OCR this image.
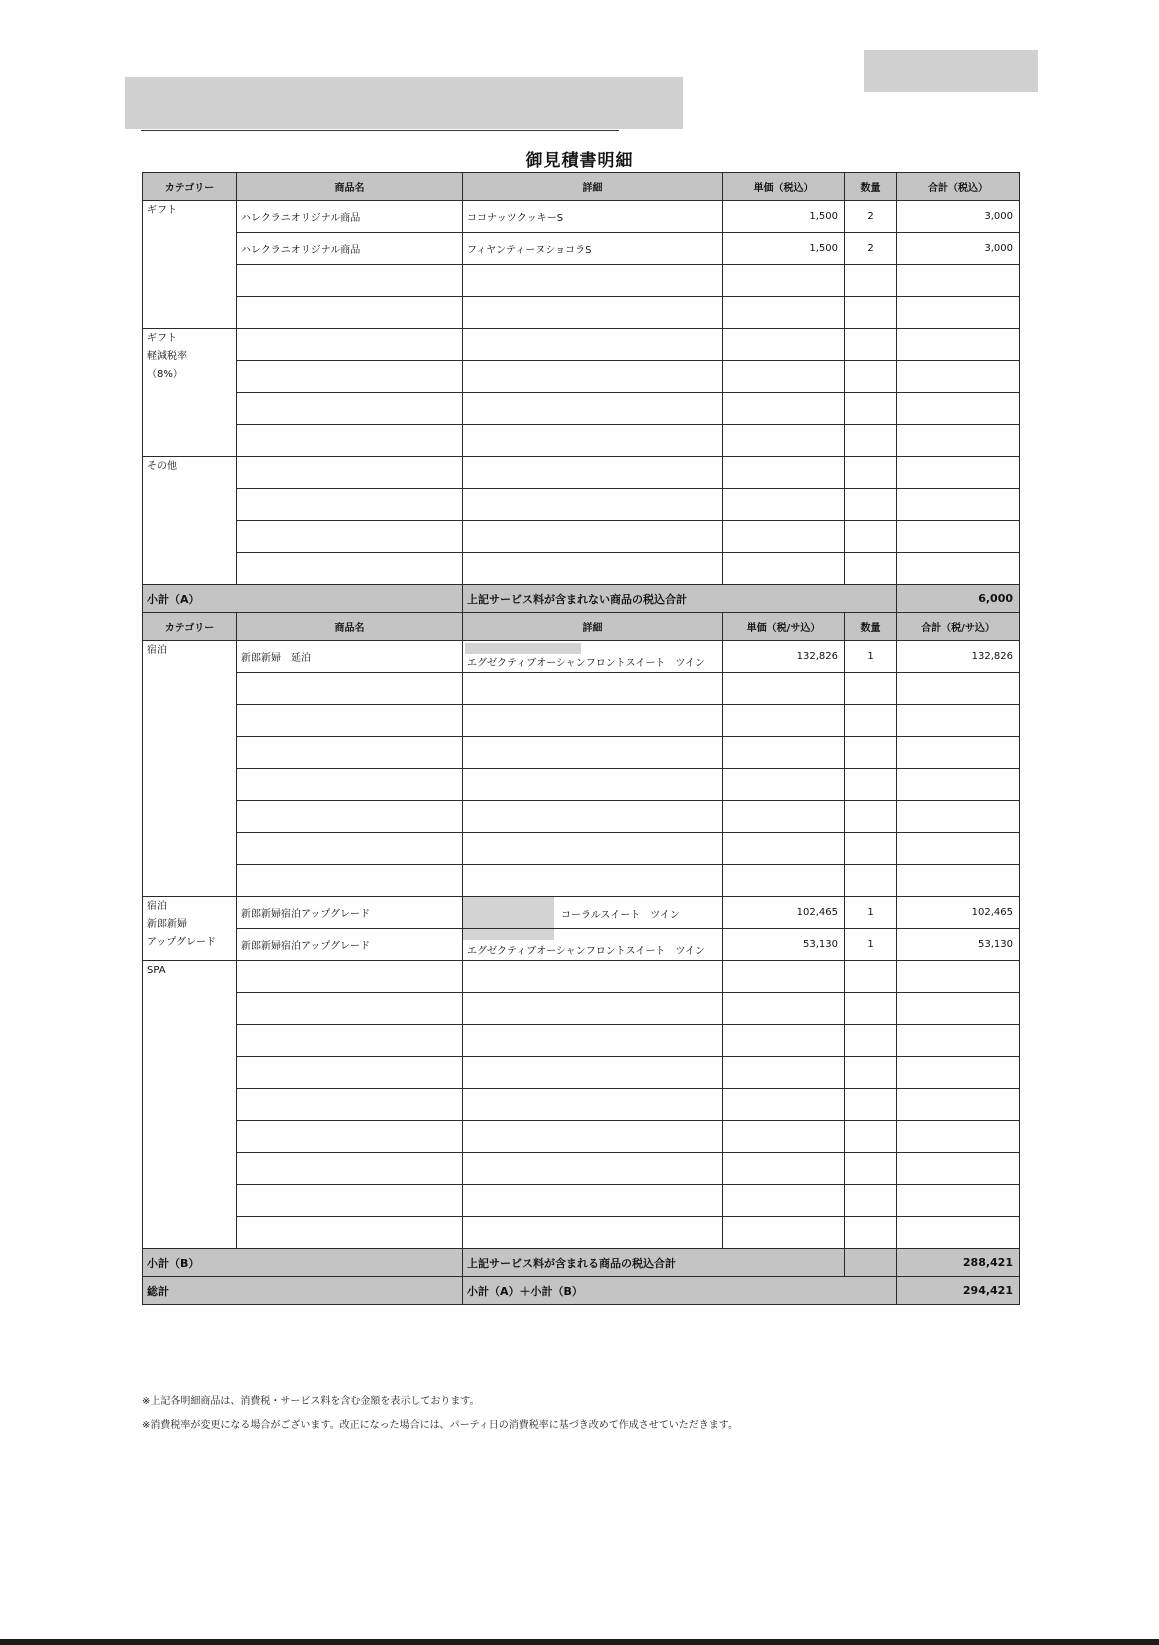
御見積書明細
カテゴリー	商品名	詳細	単価（税込）	数量	合計（税込）
ギフト	ハレクラニオリジナル商品	ココナッツクッキーS	1,500	2	3,000
	ハレクラニオリジナル商品	フィヤンティーヌショコラS	1,500	2	3,000

ギフト
軽減税率
（8%）					

その他					

小計（A）		上記サービス料が含まれない商品の税込合計			6,000
カテゴリー	商品名	詳細	単価（税/サ込）	数量	合計（税/サ込）
宿泊	新郎新婦　延泊	エグゼクティブオーシャンフロントスイート　ツイン	132,826	1	132,826

宿泊
新郎新婦
アップグレード	新郎新婦宿泊アップグレード	コーラルスイート　ツイン	102,465	1	102,465
	新郎新婦宿泊アップグレード	エグゼクティブオーシャンフロントスイート　ツイン	53,130	1	53,130
SPA					

小計（B）		上記サービス料が含まれる商品の税込合計			288,421
総計		小計（A）＋小計（B）			294,421
※上記各明細商品は、消費税・サービス料を含む金額を表示しております。
※消費税率が変更になる場合がございます。改正になった場合には、パーティ日の消費税率に基づき改めて作成させていただきます。
